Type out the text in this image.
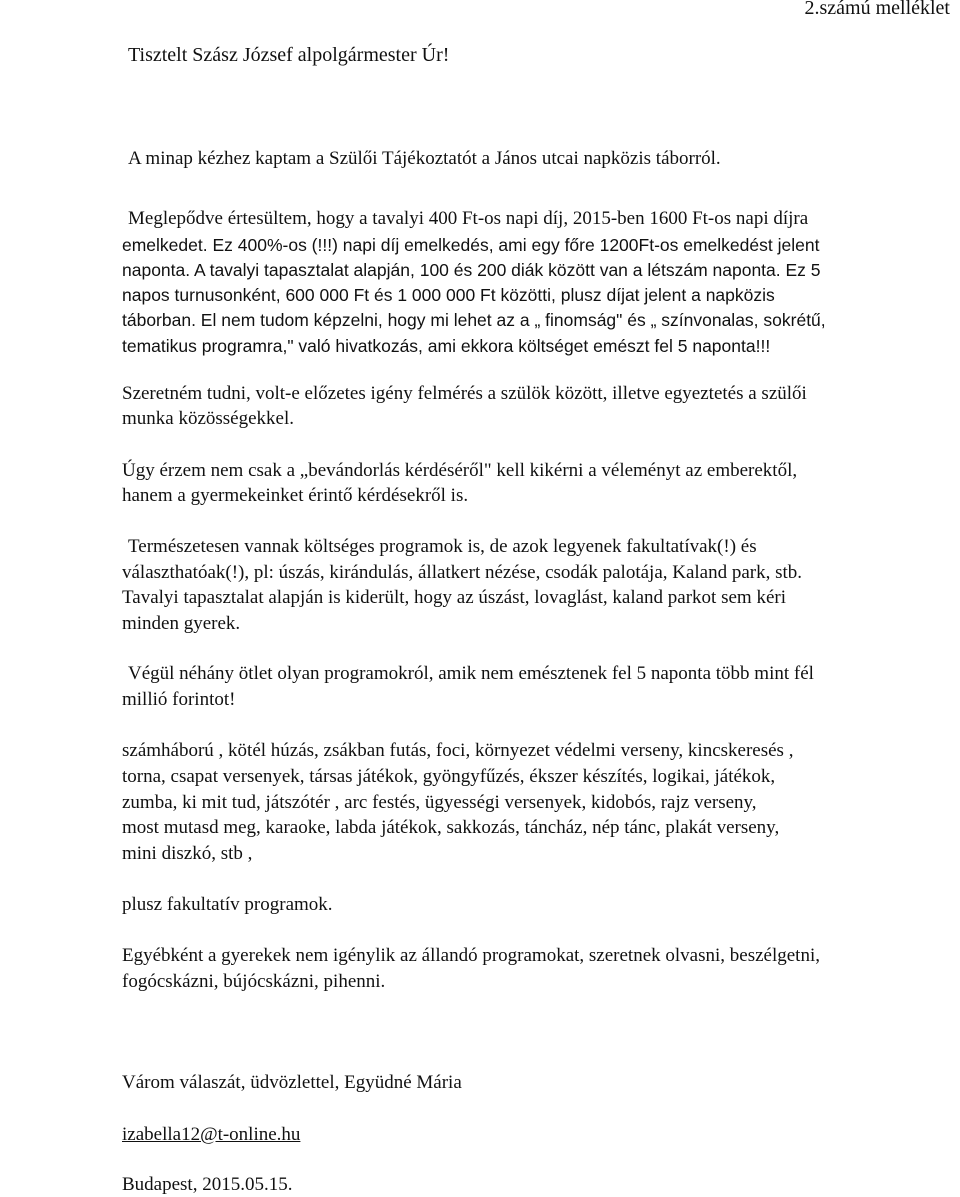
2.számú melléklet
Tisztelt Szász József alpolgármester Úr!
A minap kézhez kaptam a Szülői Tájékoztatót a János utcai napközis táborról.
Meglepődve értesültem, hogy a tavalyi 400 Ft-os napi díj, 2015-ben 1600 Ft-os napi díjra
emelkedet. Ez 400%-os (!!!) napi díj emelkedés, ami egy főre 1200Ft-os emelkedést jelent
naponta. A tavalyi tapasztalat alapján, 100 és 200 diák között van a létszám naponta. Ez 5
napos turnusonként, 600 000 Ft és 1 000 000 Ft közötti, plusz díjat jelent a napközis
táborban. El nem tudom képzelni, hogy mi lehet az a „ finomság" és „ színvonalas, sokrétű,
tematikus programra," való hivatkozás, ami ekkora költséget emészt fel 5 naponta!!!
Szeretném tudni, volt-e előzetes igény felmérés a szülök között, illetve egyeztetés a szülői
munka közösségekkel.
Úgy érzem nem csak a „bevándorlás kérdéséről" kell kikérni a véleményt az emberektől,
hanem a gyermekeinket érintő kérdésekről is.
Természetesen vannak költséges programok is, de azok legyenek fakultatívak(!) és
választhatóak(!), pl: úszás, kirándulás, állatkert nézése, csodák palotája, Kaland park, stb.
Tavalyi tapasztalat alapján is kiderült, hogy az úszást, lovaglást, kaland parkot sem kéri
minden gyerek.
Végül néhány ötlet olyan programokról, amik nem emésztenek fel 5 naponta több mint fél
millió forintot!
számháború , kötél húzás, zsákban futás, foci, környezet védelmi verseny, kincskeresés ,
torna, csapat versenyek, társas játékok, gyöngyfűzés, ékszer készítés, logikai, játékok,
zumba, ki mit tud, játszótér , arc festés, ügyességi versenyek, kidobós, rajz verseny,
most mutasd meg, karaoke, labda játékok, sakkozás, táncház, nép tánc, plakát verseny,
mini diszkó, stb ,
plusz fakultatív programok.
Egyébként a gyerekek nem igénylik az állandó programokat, szeretnek olvasni, beszélgetni,
fogócskázni, bújócskázni, pihenni.
Várom válaszát, üdvözlettel, Együdné Mária
izabella12@t-online.hu
Budapest, 2015.05.15.
